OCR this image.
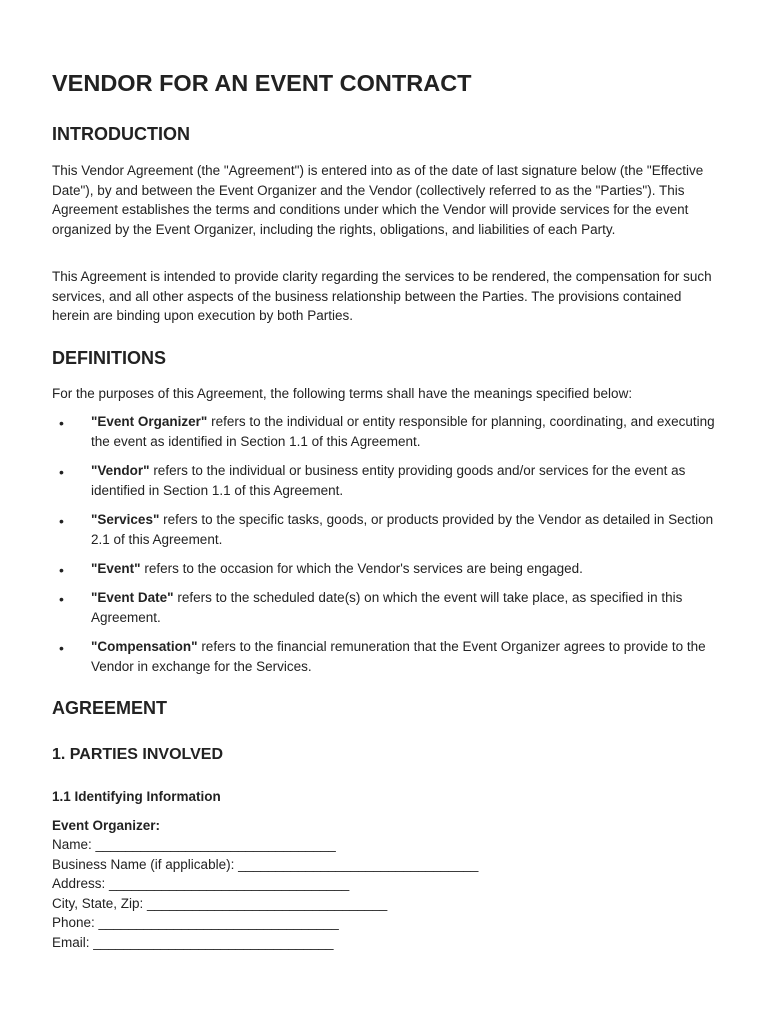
VENDOR FOR AN EVENT CONTRACT
INTRODUCTION

This Vendor Agreement (the "Agreement") is entered into as of the date of last signature below (the "Effective Date"), by and between the Event Organizer and the Vendor (collectively referred to as the "Parties"). This Agreement establishes the terms and conditions under which the Vendor will provide services for the event organized by the Event Organizer, including the rights, obligations, and liabilities of each Party.

This Agreement is intended to provide clarity regarding the services to be rendered, the compensation for such services, and all other aspects of the business relationship between the Parties. The provisions contained herein are binding upon execution by both Parties.

DEFINITIONS

For the purposes of this Agreement, the following terms shall have the meanings specified below:

• "Event Organizer" refers to the individual or entity responsible for planning, coordinating, and executing the event as identified in Section 1.1 of this Agreement.
• "Vendor" refers to the individual or business entity providing goods and/or services for the event as identified in Section 1.1 of this Agreement.
• "Services" refers to the specific tasks, goods, or products provided by the Vendor as detailed in Section 2.1 of this Agreement.
• "Event" refers to the occasion for which the Vendor's services are being engaged.
• "Event Date" refers to the scheduled date(s) on which the event will take place, as specified in this Agreement.
• "Compensation" refers to the financial remuneration that the Event Organizer agrees to provide to the Vendor in exchange for the Services.
AGREEMENT
1. PARTIES INVOLVED
1.1 Identifying Information

Event Organizer:

Name: ________________________________

Business Name (if applicable): ________________________________

Address: ________________________________

City, State, Zip: ________________________________

Phone: ________________________________

Email: ________________________________
